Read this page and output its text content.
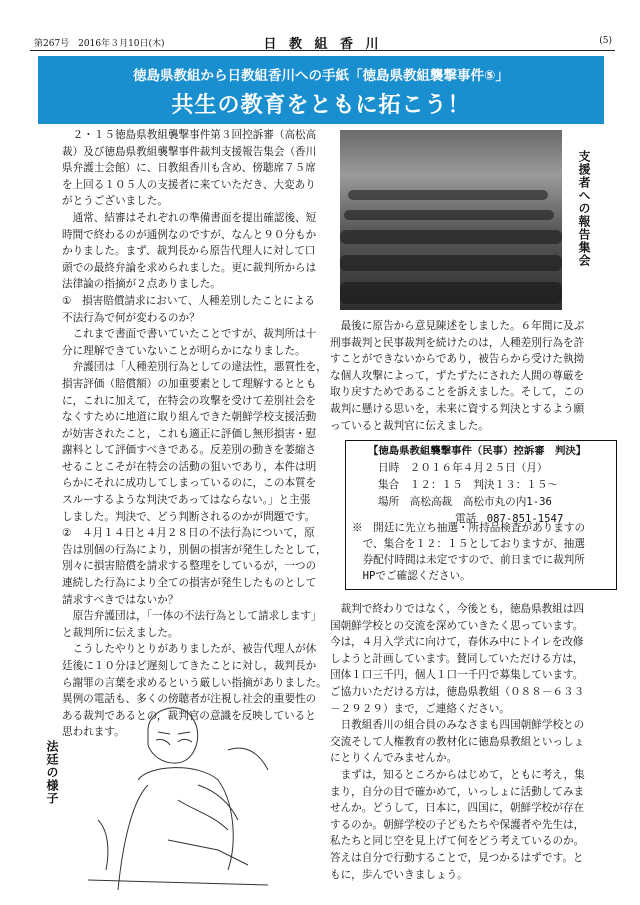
第267号　2016年３月10日(木)	日 教 組 香 川	(5)
徳島県教組から日教組香川への手紙「徳島県教組襲撃事件⑤」
共生の教育をともに拓こう！
　２・１５徳島県教組襲撃事件第３回控訴審（高松高
裁）及び徳島県教組襲撃事件裁判支援報告集会（香川
県弁護士会館）に、日教組香川も含め、傍聴席７５席
を上回る１０５人の支援者に来ていただき、大変あり
がとうございました。
　通常、結審はそれぞれの準備書面を提出確認後、短
時間で終わるのが通例なのですが、なんと９０分もか
かりました。まず、裁判長から原告代理人に対して口
頭での最終弁論を求められました。更に裁判所からは
法律論の指摘が２点ありました。
①　損害賠償請求において、人種差別したことによる
不法行為で何が変わるのか？
　これまで書面で書いていたことですが、裁判所は十
分に理解できていないことが明らかになりました。
　弁護団は「人種差別行為としての違法性，悪質性を，
損害評価（賠償額）の加重要素として理解するととも
に，これに加えて，在特会の攻撃を受けて差別社会を
なくすために地道に取り組んできた朝鮮学校支援活動
が妨害されたこと，これも適正に評価し無形損害・慰
謝料として評価すべきである。反差別の動きを萎縮さ
せることこそが在特会の活動の狙いであり，本件は明
らかにそれに成功してしまっているのに，この本質を
スルーするような判決であってはならない。」と主張
しました。判決で、どう判断されるのかが問題です。
②　４月１４日と４月２８日の不法行為について，原
告は別個の行為により，別個の損害が発生したとして，
別々に損害賠償を請求する整理をしているが，一つの
連続した行為により全ての損害が発生したものとして
請求すべきではないか？
　原告弁護団は，「一体の不法行為として請求します」
と裁判所に伝えました。
　こうしたやりとりがありましたが、被告代理人が休
廷後に１０分ほど遅刻してきたことに対し，裁判長か
ら謝罪の言葉を求めるという厳しい指摘がありました。
異例の電話も、多くの傍聴者が注視し社会的重要性の
ある裁判であるとの，裁判官の意識を反映していると
思われます。
支援者への報告集会
　最後に原告から意見陳述をしました。６年間に及ぶ
刑事裁判と民事裁判を続けたのは，人種差別行為を許
すことができないからであり，被告らから受けた執拗
な個人攻撃によって，ずたずたにされた人間の尊厳を
取り戻すためであることを訴えました。そして，この
裁判に懸ける思いを，未来に資する判決とするよう願
っていると裁判官に伝えました。
【徳島県教組襲撃事件（民事）控訴審　判決】
日時　２０１６年４月２５日（月）
集合　１２：１５　判決１３：１５～
場所　高松高裁　高松市丸の内1-36
電話　087-851-1547
※　開廷に先立ち抽選・所持品検査がありますの
　で、集合を１２：１５としておりますが、抽選
　券配付時間は未定ですので、前日までに裁判所
　HPでご確認ください。
　裁判で終わりではなく，今後とも，徳島県教組は四
国朝鮮学校との交流を深めていきたく思っています。
今は，４月入学式に向けて，春休み中にトイレを改修
しようと計画しています。賛同していただける方は，
団体１口三千円，個人１口一千円で募集しています。
ご協力いただける方は，徳島県教組（０８８－６３３
－２９２９）まで，ご連絡ください。
　日教組香川の組合員のみなさまも四国朝鮮学校との
交流そして人権教育の教材化に徳島県教組といっしょ
にとりくんでみませんか。
　まずは，知るところからはじめて，ともに考え，集
まり，自分の目で確かめて，いっしょに活動してみま
せんか。どうして，日本に，四国に，朝鮮学校が存在
するのか。朝鮮学校の子どもたちや保護者や先生は，
私たちと同じ空を見上げて何をどう考えているのか。
答えは自分で行動することで，見つかるはずです。と
もに，歩んでいきましょう。
法廷の様子
